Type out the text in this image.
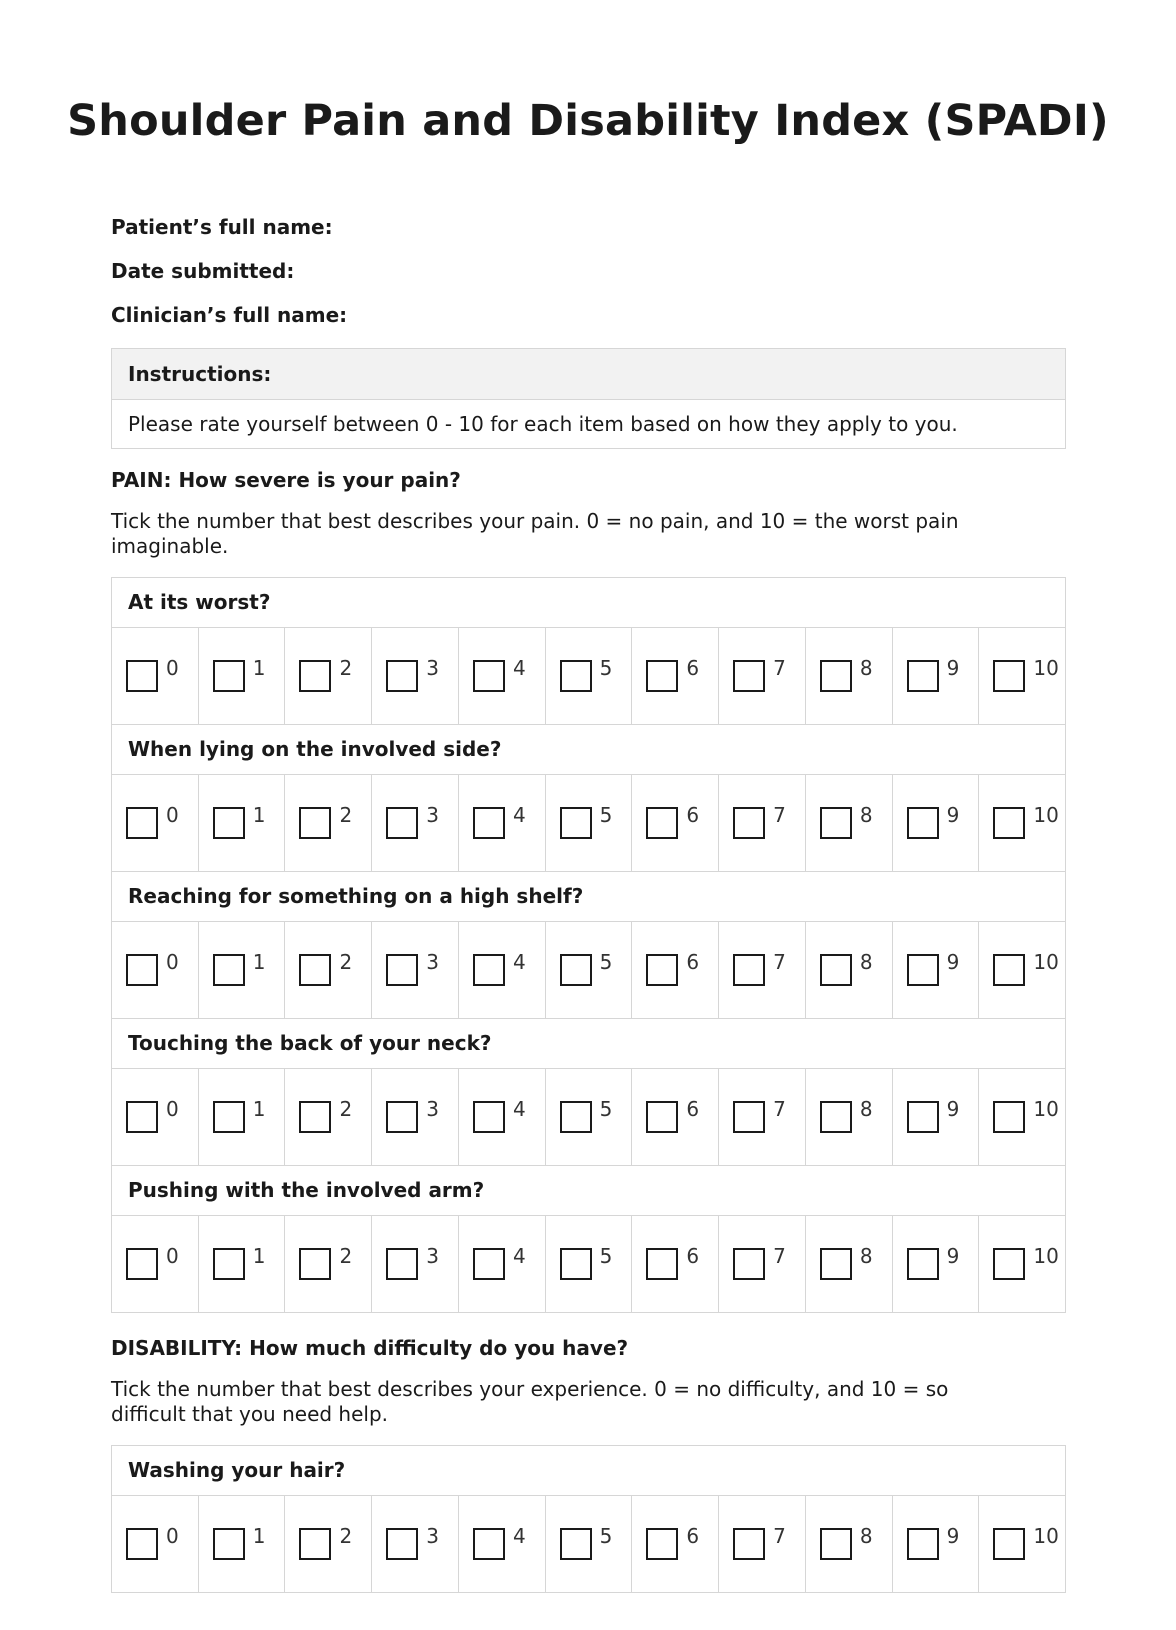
Shoulder Pain and Disability Index (SPADI)
Patient’s full name:
Date submitted:
Clinician’s full name:
Instructions:
Please rate yourself between 0 - 10 for each item based on how they apply to you.
PAIN: How severe is your pain?
Tick the number that best describes your pain. 0 = no pain, and 10 = the worst pain imaginable.
At its worst?
0	1	2	3	4	5	6	7	8	9	10
When lying on the involved side?
0	1	2	3	4	5	6	7	8	9	10
Reaching for something on a high shelf?
0	1	2	3	4	5	6	7	8	9	10
Touching the back of your neck?
0	1	2	3	4	5	6	7	8	9	10
Pushing with the involved arm?
0	1	2	3	4	5	6	7	8	9	10
DISABILITY: How much difficulty do you have?
Tick the number that best describes your experience. 0 = no difficulty, and 10 = so difficult that you need help.
Washing your hair?
0	1	2	3	4	5	6	7	8	9	10
